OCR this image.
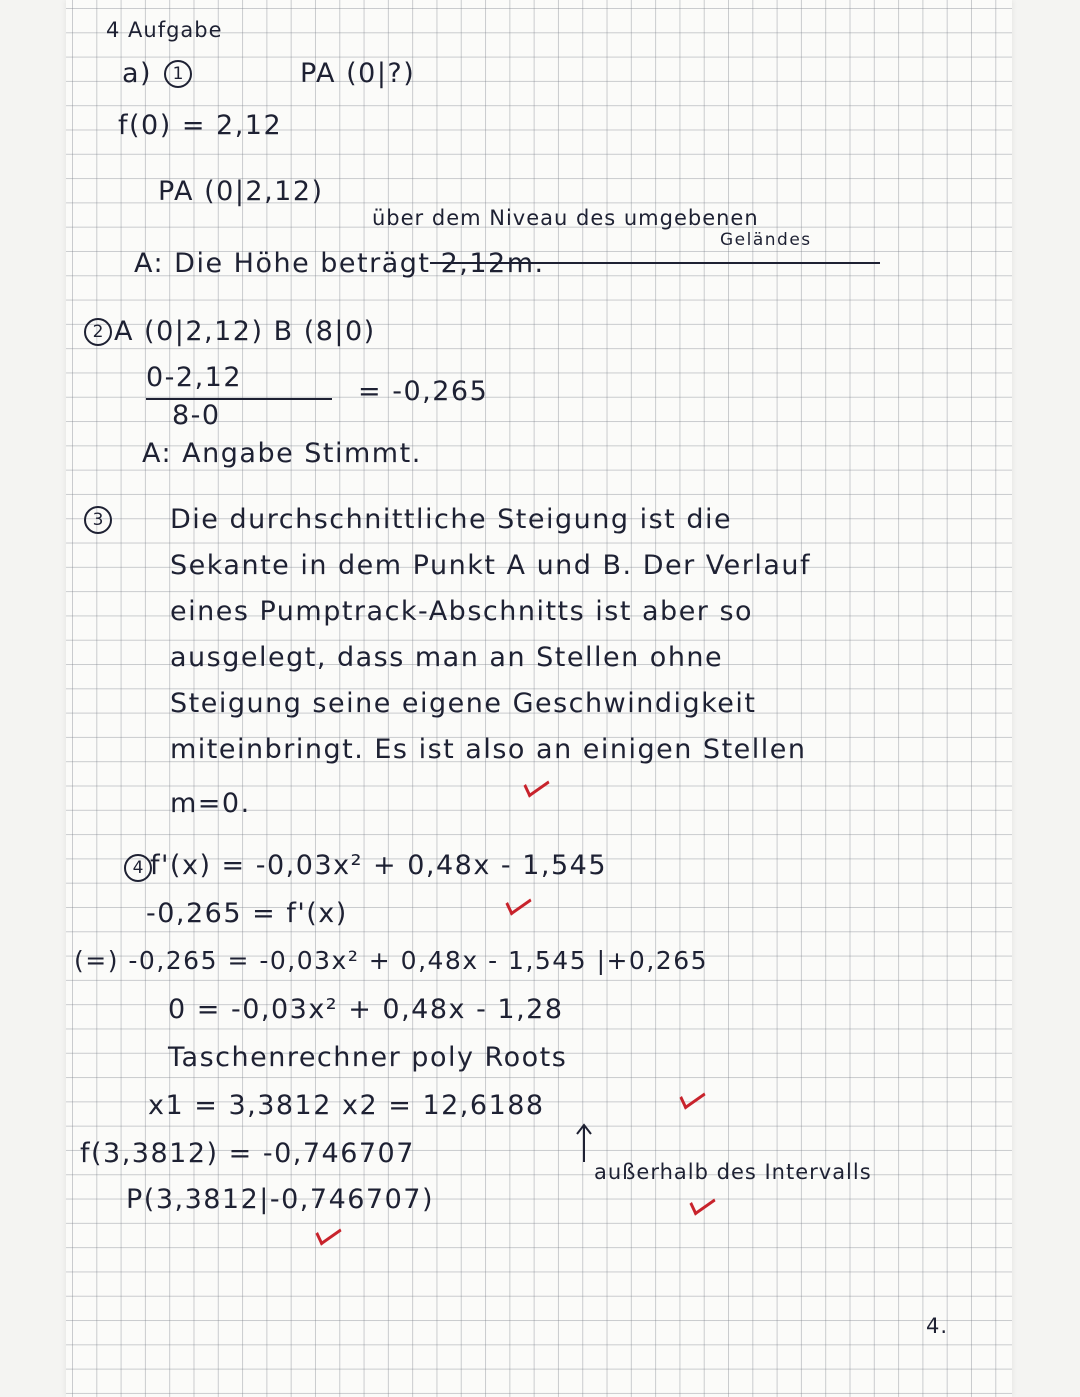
4 Aufgabe
a)	1	PA (0|?)
f(0) = 2,12
PA (0|2,12)
über dem Niveau des umgebenen
Geländes
A: Die Höhe beträgt 2,12m.
2 A (0|2,12) B (8|0)
0-2,12
8-0
= -0,265
A: Angabe Stimmt.
3	Die durchschnittliche Steigung ist die
Sekante in dem Punkt A und B. Der Verlauf
eines Pumptrack-Abschnitts ist aber so
ausgelegt, dass man an Stellen ohne
Steigung seine eigene Geschwindigkeit
miteinbringt. Es ist also an einigen Stellen
m=0.
4 f'(x) = -0,03x² + 0,48x - 1,545
-0,265 = f'(x)
(=) -0,265 = -0,03x² + 0,48x - 1,545 |+0,265
0 = -0,03x² + 0,48x - 1,28
Taschenrechner poly Roots
x1 = 3,3812 x2 = 12,6188
f(3,3812) = -0,746707
P(3,3812|-0,746707)
außerhalb des Intervalls
4.
